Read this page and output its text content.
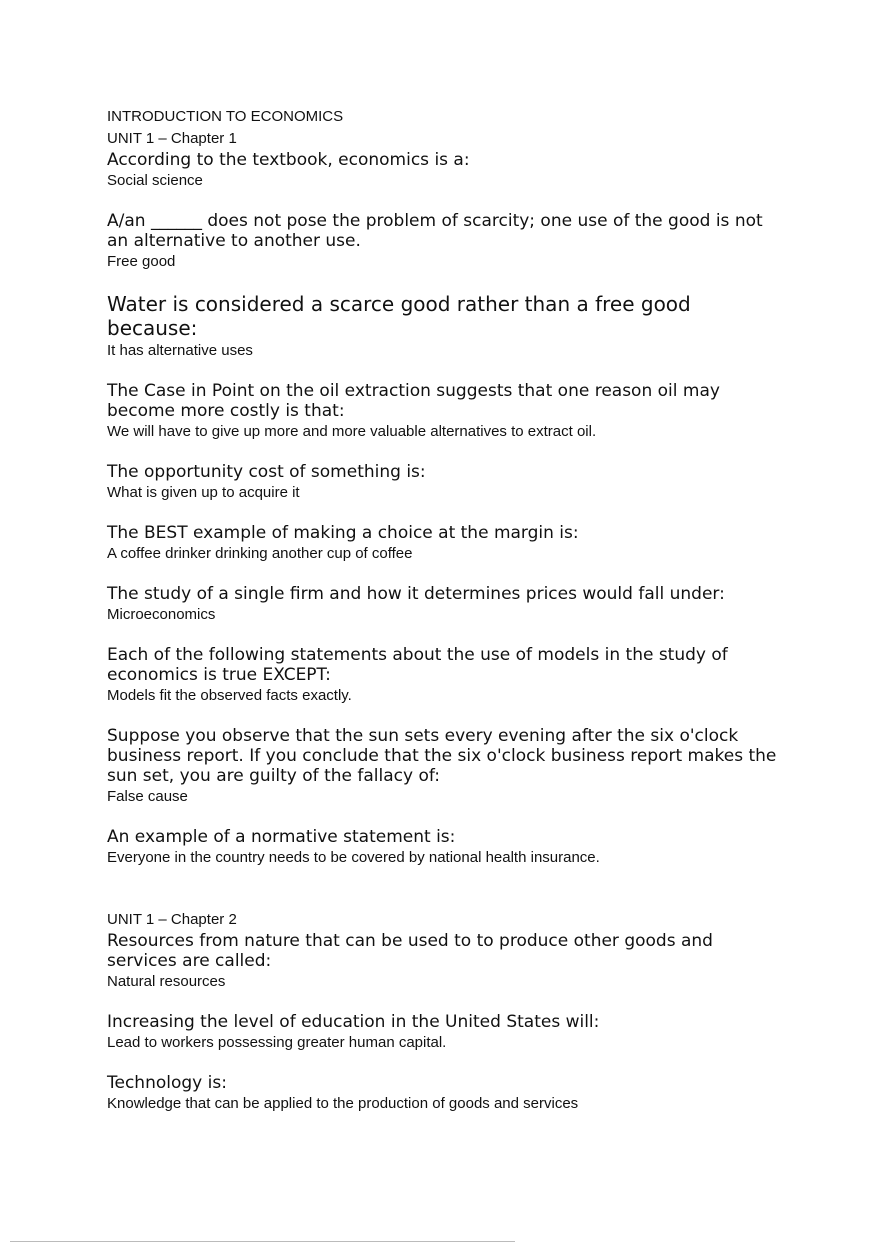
INTRODUCTION TO ECONOMICS
UNIT 1 – Chapter 1
According to the textbook, economics is a:
Social science
A/an ______ does not pose the problem of scarcity; one use of the good is not an alternative to another use.
Free good
Water is considered a scarce good rather than a free good because:
It has alternative uses
The Case in Point on the oil extraction suggests that one reason oil may become more costly is that:
We will have to give up more and more valuable alternatives to extract oil.
The opportunity cost of something is:
What is given up to acquire it
The BEST example of making a choice at the margin is:
A coffee drinker drinking another cup of coffee
The study of a single firm and how it determines prices would fall under:
Microeconomics
Each of the following statements about the use of models in the study of economics is true EXCEPT:
Models fit the observed facts exactly.
Suppose you observe that the sun sets every evening after the six o'clock business report. If you conclude that the six o'clock business report makes the sun set, you are guilty of the fallacy of:
False cause
An example of a normative statement is:
Everyone in the country needs to be covered by national health insurance.
UNIT 1 – Chapter 2
Resources from nature that can be used to to produce other goods and services are called:
Natural resources
Increasing the level of education in the United States will:
Lead to workers possessing greater human capital.
Technology is:
Knowledge that can be applied to the production of goods and services
